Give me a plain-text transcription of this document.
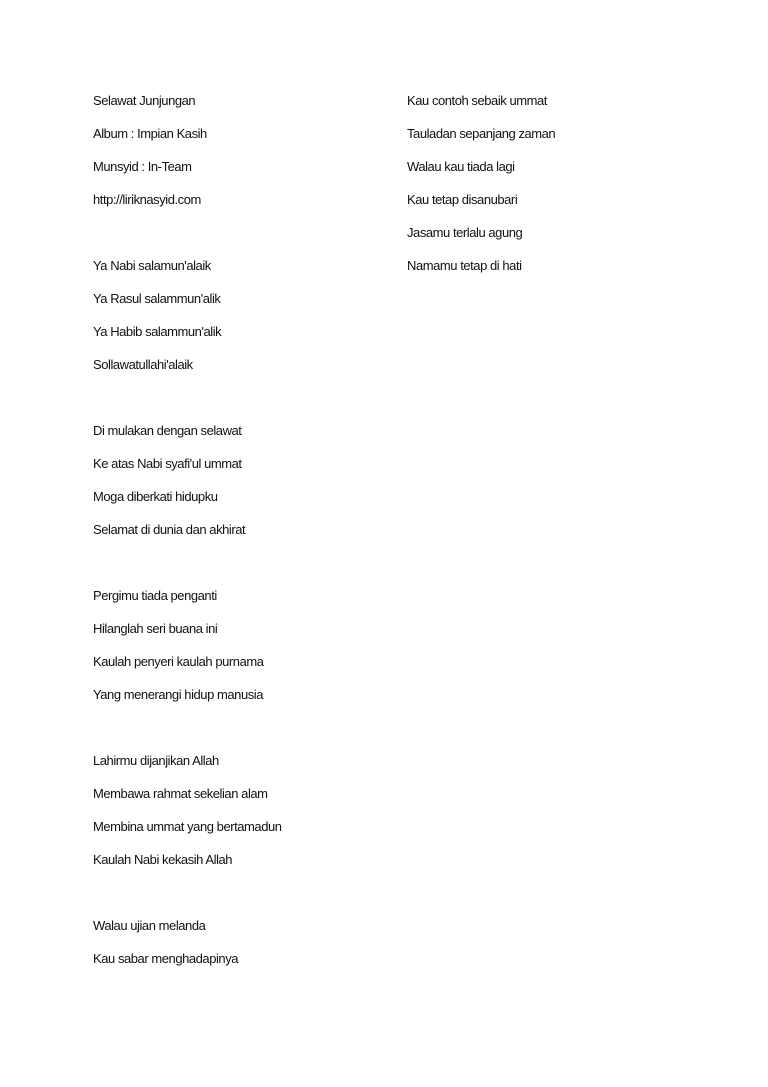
Selawat Junjungan
Album : Impian Kasih
Munsyid : In-Team
http://liriknasyid.com
Ya Nabi salamun'alaik
Ya Rasul salammun'alik
Ya Habib salammun'alik
Sollawatullahi'alaik
Di mulakan dengan selawat
Ke atas Nabi syafi'ul ummat
Moga diberkati hidupku
Selamat di dunia dan akhirat
Pergimu tiada penganti
Hilanglah seri buana ini
Kaulah penyeri kaulah purnama
Yang menerangi hidup manusia
Lahirmu dijanjikan Allah
Membawa rahmat sekelian alam
Membina ummat yang bertamadun
Kaulah Nabi kekasih Allah
Walau ujian melanda
Kau sabar menghadapinya
Kau contoh sebaik ummat
Tauladan sepanjang zaman
Walau kau tiada lagi
Kau tetap disanubari
Jasamu terlalu agung
Namamu tetap di hati
